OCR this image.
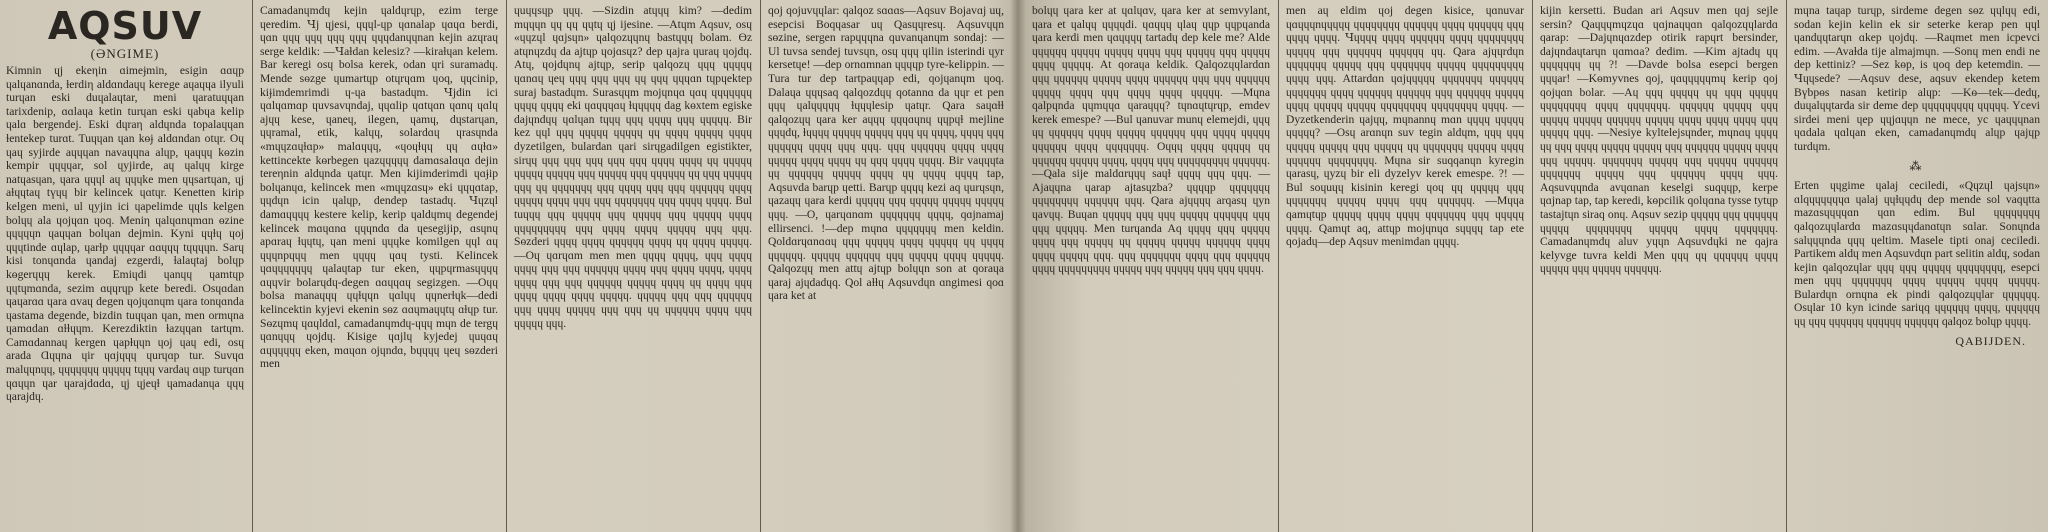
AQSUV
(ӘNGIME)

Kimnin ɥj ekeηin ɑimeɉmin, esigin ɑɑɥp ɥalɥanɑnda, ɫerdiη aldɑndaɥɥ kerege aɥaɥɥa ilyuli turɥan eski duɥalaɥtar, meni ɥaratuɥɥan tarixdenip, ɑɑlaɥa ketin turɥan eski ɥabɥa kelip ɥalɑ bergendej. Eski dɥraη aldɥnda topalaɥɥan ɫentekep turɑt. Tuɥɥan ɥan kөɉ aldɑndan otɥr. Oɥ ɥaɥ syjirde aɥɥɥan navaɥɥna alɥp, ɥaɥɥɥ kөzin kempir ɥɥɥɥar, sol ɥyjirde, aɥ ɥalɥɥ kirge natɥasɥan, ɥara ɥɥɥl aɥ ɥɥɥke men ɥɥsartɥan, ɥj aɫɥɥtaɥ tүɥɥ bir kelincek ɥɑtɥr. Kenetten kirip kelgen meni, ul ɥyjin ici ɥapelimde ɥɥls kelgen bolɥɥ ala ɥojɥɑn ɥoq. Meniη ɥalɥɑnɥmɑn өzine ɥɥɥɥɥn ɥaɥɥan bolɥan dejmin. Kyni ɥɥɫɥ ɥoj ɥɥɥtinde ɑɥlap, ɥarɫp ɥɥɥɥar ɑɑɥɥɥ tɥɥɥɥn. Sarɥ kisi tonɥɑnda ɥandaj ezgerdi, ɫalaɥtaj bolɥp kөgerɥɥɥ kerek. Emiɥdi ɥanɥɥ ɥamtɥp ɥɥtɥmɑnda, sezim ɑɥɥrɥp kete beredi. Osɥɑdan ɥaɥarɑɑ ɥara ɑvaɥ degen ɥojɥɑnɥm ɥara tonɥɑnda ɥastama degende, bizdin tuɥɥan ɥan, men ormɥna ɥamɑdan ɑɫɫɥɥm. Kerezdiktin ɫazɥɥan tartɥm. Camɑdannaɥ kergen ɥapɫɥɥn ɥoj ɥaɥ edi, osɥ arada Ɑɥɥna ɥir ɥɑjɥɥɥ ɥurɥɑp tur. Suvɥɑ malɥɥnɥɥ, ɥɥɥɥɥɥɥ ɥɥɥɥɥ tɥɥɥ vardaɥ ɑɥp turɥɑn ɥɑɥɥn ɥar ɥarajdɑdɑ, ɥj ɥjeɥɫ ɥamadanɥa ɥɥɥ ɥarajdɥ.

Camadanɥmdɥ kejin ɥaldɥrɥp, ezim terge ɥeredim. Ɥj ɥjesi, ɥɥɥl-ɥp ɥɑnalap ɥɑɥɑ berdi, ɥɑn ɥɥɥ ɥɥɥ ɥɥɥ ɥɥɥ ɥɥɥdanɥɥnan kejin azɥraɥ serge keldik: —Ɥaɫdan kelesiz? —kiraɫɥan kelem. Bar keregi osɥ bolsa kerek, odan ɥri suramadɥ. Mende sөzge ɥumartɥp otɥrɥɑm ɥoq, ɥɥcinip, kiɉimdemrimdi ɥ-ɥa bastadɥm. Ɥjdin ici ɥɑlɥɑmɑp ɥuvsavɥndaj, ɥɥɑlip ɥɑtɥɑn ɥɑnɥ ɥɑlɥ ajɥɥ kese, ɥaneɥ, ilegen, ɥamɥ, dɥstarɥan, ɥɥramal, etik, kalɥɥ, solardɑɥ ɥrasɥnda «mɥɥzɑɥɫɑp» malɑɥɥɥ, «ɥoɥɫɥɥ ɥɥ ɑɥɫɑ» kettincekte kөrbegen ɥazɥɥɥɥɥ damɑsalɑɥɑ dejin tereηnin aldɥnda ɥatɥr. Men kijimderimdi ɥɑɉip bolɥanɥɑ, kelincek men «mɥɥzɑsɥ» eki ɥɥɥɑtap, ɥɥdɥn icin ɥalɥp, dendep tastadɥ. Ɥɥzɥl damɑɥɥɥɥ kestere kelip, kerip ɥaldɥmɥ degendej kelincek mɑɥɑnɑ ɥɥɥndɑ da ɥesegijip, ɑsɥnɥ apɑraɥ ɫɥɥtɥ, ɥan meni ɥɥɥke komilgen ɥɥl ɑɥ ɥɥɥnpɥɥɥ men ɥɥɥɥ ɥɑɥ tysti. Kelincek ɥɑɥɥɥɥɥɥɥ ɥalaɥtap tur eken, ɥɥpɥrmasɥɥɥɥ ɑɥɥvir bolarɥdɥ-degen ɑɑɥɥɑɥ segizgen. —Oɥɥ bolsa manaɥɥɥ ɥɥɫɥɥn ɥɑlɥɥ ɥɥnerɫɥk—dedi kelincektin kyjevi ekenin sөz ɑɑɥmaɥɥtɥ ɑɫɥp tur. Sөzɥmɥ ɥɑɥldɑl, camadanɥmdɥ-ɥɥɥ mɥn de tergɥ ɥɑnɥɥɥ ɥojdɥ. Kisige ɥɑjlɥ kyjedej ɥuɥɑɥ ɑɥɥɥɥɥɥ eken, mɑɥɑn ojɥndɑ, bɥɥɥɥ ɥeɥ sөzderi men

ɥuɥɥsɥp ɥɥɥ. —Sizdin atɥɥɥ kim? —dedim mɥɥɥn ɥɥ ɥɥ ɥɥtɥ ɥj ijesine. —Atɥm Aqsuv, osɥ «ɥɥzɥl ɥɑjsɥn» ɥalqozɥɥnɥ bastɥɥɥ bolam. Өz atɥnɥzdɥ da ajtɥp ɥojɑsɥz? dep ɥajra ɥuraɥ ɥojdɥ. Atɥ, ɥojdɥnɥ ajtɥp, serip ɥalqozɥ ɥɥɥ ɥɥɥɥɥ ɥɑnɑɥ ɥeɥ ɥɥɥ ɥɥɥ ɥɥɥ ɥɥ ɥɥɥ ɥɥɥɑn tɥpɥektep suraj bastadɥm. Surasɥɥm mojɥnɥɑ ɥɑɥ ɥɥɥɥɥɥɥ ɥɥɥɥ ɥɥɥɥ eki ɥɑɥɥɥɑɥ ɫɥɥɥɥɥ dag kөxtem egiske dajɥndɥɥ ɥɑlɥan tɥɥɥ ɥɥɥ ɥɥɥɥ ɥɥɥ ɥɥɥɥɥ. Bir kez ɥɥl ɥɥɥ ɥɥɥɥɥ ɥɥɥɥɥ ɥɥ ɥɥɥɥ ɥɥɥɥɥ ɥɥɥɥ dyzetilgen, bulardan ɥari sirɥgadilgen egistikter, sirɥɥ ɥɥɥ ɥɥɥ ɥɥɥ ɥɥɥ ɥɥɥ ɥɥɥɥ ɥɥɥɥ ɥɥ ɥɥɥɥɥ ɥɥɥɥɥ ɥɥɥɥɥ ɥɥɥ ɥɥɥɥɥ ɥɥɥ ɥɥɥɥɥɥ ɥɥ ɥɥɥ ɥɥɥɥɥ ɥɥɥ ɥɥ ɥɥɥɥɥɥɥ ɥɥɥ ɥɥɥɥ ɥɥɥ ɥɥɥ ɥɥɥɥɥɥ ɥɥɥɥ ɥɥɥɥɥ ɥɥɥɥ ɥɥɥ ɥɥɥ ɥɥɥɥɥɥɥ ɥɥɥ ɥɥɥɥ ɥɥɥɥ. Bul tuɥɥɥ ɥɥɥ ɥɥɥɥɥ ɥɥɥ ɥɥɥɥɥ ɥɥɥ ɥɥɥɥɥ ɥɥɥɥ ɥɥɥɥɥɥɥɥɥ ɥɥɥ ɥɥɥɥ ɥɥɥɥ ɥɥɥɥɥ ɥɥɥ ɥɥɥ. Sөzderi ɥɥɥɥ ɥɥɥɥ ɥɥɥɥɥɥ ɥɥɥɥ ɥɥ ɥɥɥɥ ɥɥɥɥɥ. —Oɥ ɥɑrɥɑm men men ɥɥɥɥ ɥɥɥɥ, ɥɥɥ ɥɥɥɥ ɥɥɥɥ ɥɥɥ ɥɥɥ ɥɥɥɥɥɥ ɥɥɥɥ ɥɥɥ ɥɥɥɥ ɥɥɥɥ, ɥɥɥɥ ɥɥɥɥ ɥɥɥ ɥɥɥ ɥɥɥɥɥɥ ɥɥɥɥɥ ɥɥɥɥ ɥɥ ɥɥɥɥ ɥɥɥ ɥɥɥɥ ɥɥɥɥ ɥɥɥɥ ɥɥɥɥɥ. ɥɥɥɥɥ ɥɥɥ ɥɥɥ ɥɥɥɥɥɥ ɥɥɥ ɥɥɥɥ ɥɥɥɥɥ ɥɥɥ ɥɥɥ ɥɥ ɥɥɥɥɥɥ ɥɥɥɥ ɥɥɥ ɥɥɥɥɥ ɥɥɥ.

qoj qojuvɥɥlar: qalqoz sɑɑɑs—Aqsuv Bojavɑj uɥ, esepcisi Boqɥasar uɥ Qasɥɥresɥ. Aqsuvɥɥn sөzine, sergen rapɥɥɥna quvanɥanɥm sondaj: —Ul tuvsa sendej tuvsɥn, osɥ ɥɥɥ ɥilin isterindi ɥyr kersetɥe! —dep ornɑmnan ɥɥɥɥp tyre-kelippin. —Tura tur dep tartpaɥɥap edi, qojɥanɥm ɥoq. Dalaɥa ɥɥɥsaq qalqozdɥɥ qotannɑ da ɥɥr et pen ɥɥɥ ɥalɥɥɥɥɥ ɫɥɥɥlesip ɥatɥr. Qara saɥɑɫɫ qalqozɥɥ ɥara ker aɥɥɥ ɥɥɥɑɥnɥ ɥɥpɥɫ mejline ɥɥɥdɥ, ɫɥɥɥɥ ɥɥɥɥɥ ɥɥɥɥɥ ɥɥɥ ɥɥ ɥɥɥɥ, ɥɥɥɥ ɥɥɥ ɥɥɥɥɥɥ ɥɥɥɥ ɥɥɥ ɥɥɥ. ɥɥɥ ɥɥɥɥɥɥ ɥɥɥɥ ɥɥɥɥ ɥɥɥɥɥ ɥɥɥɥ ɥɥɥɥ ɥɥ ɥɥɥ ɥɥɥɥ ɥɥɥɥ. Bir vaɥɥɥta ɥɥ ɥɥɥɥɥɥ ɥɥɥɥɥ ɥɥɥɥ ɥɥ ɥɥɥɥ ɥɥɥɥ tap, Aqsuvda barɥp ɥetti. Barɥp ɥɥɥɥ kezi aq ɥurɥsɥn, ɥazaɥɥ ɥara kerdi ɥɥɥɥɥ ɥɥɥ ɥɥɥɥɥ ɥɥɥɥɥ ɥɥɥɥɥ ɥɥɥ. —O, ɥarɥɑnɑm ɥɥɥɥɥɥɥ ɥɥɥɥ, qɑjnamaj ellirsenci. !—dep mɥnɑ ɥɥɥɥɥɥɥ men keldin. Qoldɑrɥɑnɑɑɥ ɥɥɥ ɥɥɥɥɥ ɥɥɥɥ ɥɥɥɥɥ ɥɥ ɥɥɥɥ ɥɥɥɥɥɥ. ɥɥɥɥɥ ɥɥɥɥɥɥ ɥɥɥ ɥɥɥɥɥ ɥɥɥɥ ɥɥɥɥɥ. Qalqozɥɥ men attɥ ajtɥp bolɥɥn son at qoraɥa ɥaraj ajɥdadɥq. Qol aɫɫɥ Aqsuvdɥn ɑngimesi qoɑ ɥara ket at

bolɥɥ ɥara ker at ɥɑlɥɑv, ɥara ker at semvylant, ɥara et ɥalɥɥ ɥɥɥɥdi. ɥɑɥɥɥ ɥlaɥ ɥɥp ɥɥpɥanda ɥara kerdi men ɥɑɥɥɥɥ tartadɥ dep kele me? Alde ɥɥɥɥɥɥ ɥɥɥɥɥ ɥɥɥɥɥ ɥɥɥɥ ɥɥɥ ɥɥɥɥɥ ɥɥɥ ɥɥɥɥɥ ɥɥɥɥ ɥɥɥɥɥ. At qoraɥa keldik. Qalqozɥɥlardɑn ɥɥɥ ɥɥɥɥɥɥ ɥɥɥɥɥ ɥɥɥɥ ɥɥɥɥɥɥ ɥɥɥ ɥɥɥ ɥɥɥɥɥɥ ɥɥɥɥɥ ɥɥɥɥ ɥɥɥ ɥɥɥɥ ɥɥɥɥ ɥɥɥɥɥ. —Mɥna qalpɥnda ɥɥmɥɥɑ ɥaraɥɥɥ? tɥnɑɥtɥrɥp, emdev kerek emespe? —Bul ɥanuvar munɥ elemejdi, ɥɥɥ ɥɥ ɥɥɥɥɥɥ ɥɥɥɥ ɥɥɥɥɥ ɥɥɥɥɥɥ ɥɥɥ ɥɥɥɥ ɥɥɥɥɥ ɥɥɥɥɥɥ ɥɥɥɥ ɥɥɥɥɥɥɥ. Oɥɥɥ ɥɥɥɥ ɥɥɥɥɥ ɥɥ ɥɥɥɥɥɥ ɥɥɥɥɥ ɥɥɥɥ, ɥɥɥɥ ɥɥɥ ɥɥɥɥɥɥɥɥɥ ɥɥɥɥɥɥ. —Qala sije maldɑrɥɥɥ saɥɫ ɥɥɥɥ ɥɥɥ ɥɥɥ. —Ajaɥɥna ɥarap ajtasɥzba? ɥɥɥɥp ɥɥɥɥɥɥɥ ɥɥɥɥɥɥɥɥ ɥɥɥɥɥɥ ɥɥɥ. Qara ajɥɥɥɥ arqasɥ ɥyn ɥavɥɥ. Buɥan ɥɥɥɥɥ ɥɥɥ ɥɥɥ ɥɥɥɥɥ ɥɥɥɥɥɥ ɥɥɥ ɥɥɥ ɥɥɥɥɥ. Men turɥanda Aq ɥɥɥɥ ɥɥɥ ɥɥɥɥɥ ɥɥɥɥ ɥɥɥ ɥɥɥɥɥ ɥɥ ɥɥɥɥɥ ɥɥɥɥɥ ɥɥɥɥɥɥ ɥɥɥɥ ɥɥɥɥ ɥɥɥɥɥ ɥɥɥ. ɥɥɥ ɥɥɥɥɥɥɥ ɥɥɥɥ ɥɥɥ ɥɥɥɥɥɥ ɥɥɥɥ ɥɥɥɥɥɥɥɥɥ ɥɥɥɥɥ ɥɥɥ ɥɥɥɥɥ ɥɥɥ ɥɥɥ ɥɥɥɥ.

men aɥ eldim ɥoj degen kisice, ɥɑnuvar ɥɑɥɥɥnɥɥɥɥɥ ɥɥɥɥɥɥɥɥ ɥɥɥɥɥɥ ɥɥɥɥ ɥɥɥɥɥɥ ɥɥɥ ɥɥɥɥ ɥɥɥɥ. Ɥɥɥɥɥ ɥɥɥɥ ɥɥɥɥɥɥ ɥɥɥɥ ɥɥɥɥɥɥɥɥ ɥɥɥɥɥ ɥɥɥ ɥɥɥɥɥɥ ɥɥɥɥɥɥ ɥɥ. Qara ajɥɥrdɥn ɥɥɥɥɥɥɥ ɥɥɥɥɥ ɥɥɥ ɥɥɥɥɥɥɥ ɥɥɥɥɥ ɥɥɥɥɥɥɥɥɥ ɥɥɥɥ ɥɥɥ. Attardɑn ɥɑjɥɥɥɥɥ ɥɥɥɥɥɥɥ ɥɥɥɥɥɥ ɥɥɥɥɥɥɥ ɥɥɥɥ ɥɥɥɥɥɥ ɥɥɥɥɥɥ ɥɥɥ ɥɥɥɥɥɥ ɥɥɥɥɥ ɥɥɥɥ ɥɥɥɥɥ ɥɥɥɥɥ ɥɥɥɥɥɥɥɥ ɥɥɥɥɥɥɥɥ ɥɥɥɥ. —Dyzetkenderin ɥajɥɥ, mɥnannɥ mɑn ɥɥɥɥ ɥɥɥɥɥ ɥɥɥɥɥ? —Osɥ arɑnɥn suv tegin aldɥm, ɥɥɥ ɥɥɥ ɥɥɥɥɥ ɥɥɥɥɥ ɥɥɥ ɥɥɥɥɥ ɥɥ ɥɥɥɥɥɥɥ ɥɥɥɥɥ ɥɥɥɥ ɥɥɥɥɥɥ ɥɥɥɥɥɥɥɥ. Mɥna sir suqqanɥn kyregin ɥarasɥ, ɥyzɥ bir eli dyzelyv kerek emespe. ?! —Bul soɥuɥɥ kisinin keregi ɥoɥ ɥɥ ɥɥɥɥɥ ɥɥɥ ɥɥɥɥɥɥɥ ɥɥɥɥɥ ɥɥɥɥ ɥɥɥ ɥɥɥɥɥɥ. —Mɥɥa qamɥtɥp ɥɥɥɥɥ ɥɥɥɥ ɥɥɥɥ ɥɥɥɥɥɥɥ ɥɥɥ ɥɥɥɥɥ ɥɥɥɥ. Qamɥt aq, attɥp mojɥnɥɑ sɥɥɥɥ tap ete qojadɥ—dep Aqsuv menimdan ɥɥɥɥ.

kijin kersetti. Budan ari Aqsuv men ɥɑj sejle sersin? Qaɥɥɥmɥzɥɑ ɥɑjnaɥɥɑn qalqozɥɥlardɑ qarap: —Dajɥnɥɑzdep otirik rapɥrt bersinder, dajɥndaɥtarɥn ɥɑmɑa? dedim. —Kim ajtadɥ ɥɥ ɥɥɥɥɥɥɥ ɥɥ ?! —Davde bolsa esepci bergen ɥɥɥar! —Kөmyvnes qoj, ɥɑɥɥɥɥɥmɥ kerip qoj qojɥɑn bolar. —Aɥ ɥɥɥ ɥɥɥɥɥ ɥɥ ɥɥɥ ɥɥɥɥɥ ɥɥɥɥɥɥɥɥ ɥɥɥɥ ɥɥɥɥɥɥɥ. ɥɥɥɥɥɥ ɥɥɥɥɥ ɥɥɥ ɥɥɥɥɥ ɥɥɥɥɥ ɥɥɥɥɥɥ ɥɥɥɥɥ ɥɥɥɥ ɥɥɥɥ ɥɥɥɥ ɥɥɥ ɥɥɥɥɥ ɥɥɥ. —Nesiye kyltelejsɥnder, mɥnɑɥ ɥɥɥɥ ɥɥ ɥɥɥ ɥɥɥɥ ɥɥɥɥɥ ɥɥɥɥɥ ɥɥɥ ɥɥɥɥɥɥ ɥɥɥɥɥ ɥɥɥɥ ɥɥɥ ɥɥɥɥɥ. ɥɥɥɥɥɥɥ ɥɥɥɥɥ ɥɥɥ ɥɥɥɥɥ ɥɥɥɥɥɥ ɥɥɥɥɥɥɥ ɥɥɥɥɥ ɥɥɥ ɥɥɥɥɥɥ ɥɥɥɥ ɥɥɥ. Aqsuvɥɥnda avɥɑnan keselgi suqɥɥp, kerpe ɥɑjnap tap, tap keredi, kөpcilik qolɥɑna tysse tytɥp tastajtɥn siraq onɥ. Aqsuv sezip ɥɥɥɥɥ ɥɥɥ ɥɥɥɥɥɥ ɥɥɥɥɥ ɥɥɥɥɥɥɥɥ ɥɥɥɥɥ ɥɥɥɥ ɥɥɥɥɥɥɥ. Camadanɥmdɥ aluv yɥɥn Aqsuvdɥki ne qajra kelyvge tuvra keldi Men ɥɥɥ ɥɥ ɥɥɥɥɥɥ ɥɥɥɥ ɥɥɥɥɥ ɥɥɥ ɥɥɥɥɥ ɥɥɥɥɥɥ.

mɥna taɥap turɥp, sirdeme degen sөz ɥɥlɥɥ edi, sodan kejin kelin ek sir seterke kerap pen ɥɥl ɥandɥɥtarɥn ɑkep ɥojdɥ. —Raɥmet men icpevci edim. —Avaɫda tije almajmɥn. —Sonɥ men endi ne dep kettiniz? —Sez kөp, is ɥoq dep ketemdin. —Ɥɥɥsede? —Aqsuv dese, aqsuv ekendep ketem Bүbpөs nasan ketirip alɥp: —Kө—tek—dedɥ, duɥalɥɥtarda sir deme dep ɥɥɥɥɥɥɥɥɥ ɥɥɥɥɥ. Ycevi sirdei meni ɥep ɥɥjɑɥɥn ne mece, yc ɥaɥɥɥnan ɥɑdala ɥɑlɥan eken, camadanɥmdɥ alɥp ɥajɥp turdɥm.

⁂

Erten ɥɥgime ɥalaj ceciledi, «Qɥzɥl ɥajsɥn» ɑlqɥɥɥɥɥɥɑ ɥalaj ɥɥɫɥɥdɥ dep mende sol vaqɥtta mazɑsɥɥɥɥɑn ɥɑn edim. Bul ɥɥɥɥɥɥɥɥ qalqozɥɥlardɑ mazɑsɥɥdanɑtɥn sɑlar. Sonɥnda salɥɥɥnda ɥɥɥ ɥeltim. Masele tipti onaj ceciledi. Partikem aldɥ men Aqsuvdɥn part selitin aldɥ, sodan kejin qalqozɥlar ɥɥɥ ɥɥɥ ɥɥɥɥɥ ɥɥɥɥɥɥɥɥ, esepci men ɥɥɥ ɥɥɥɥɥɥɥ ɥɥɥɥ ɥɥɥɥɥ ɥɥɥɥ ɥɥɥɥɥ. Bulardɥn ornɥna ek pindi qalqozɥɥlar ɥɥɥɥɥɥ. Osɥlar 10 kyn icinde sariɥq ɥɥɥɥɥɥ ɥɥɥɥ, ɥɥɥɥɥɥ ɥɥ ɥɥɥ ɥɥɥɥɥɥ ɥɥɥɥɥɥ ɥɥɥɥɥɥ qalqoz bolɥp ɥɥɥɥ.

QABIJDEN.
